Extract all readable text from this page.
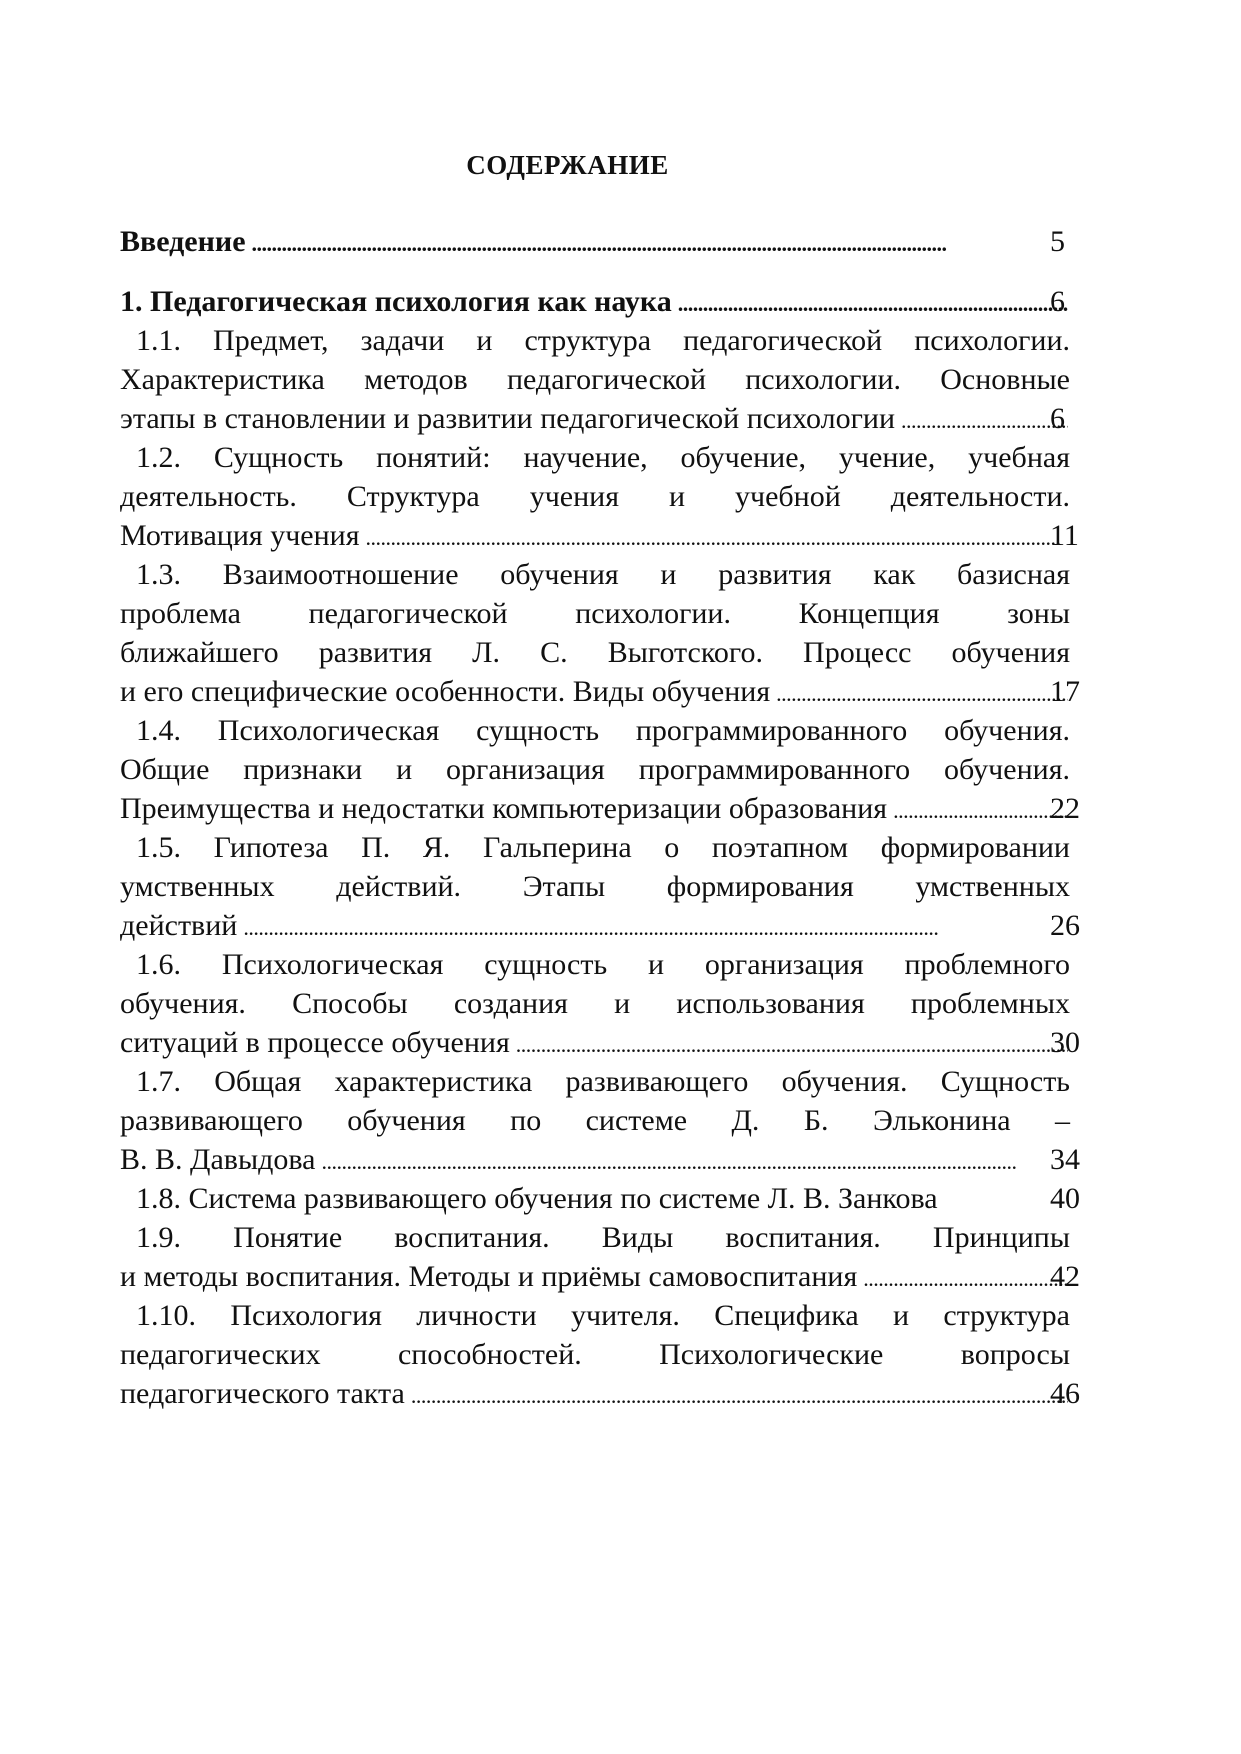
СОДЕРЖАНИЕ
Введение . . .	5
1. Педагогическая психология как наука . . .	6
1.1. Предмет, задачи и структура педагогической психологии.
Характеристика методов педагогической психологии. Основные
этапы в становлении и развитии педагогической психологии . . .	6
1.2. Сущность понятий: научение, обучение, учение, учебная
деятельность. Структура учения и учебной деятельности.
Мотивация учения . . .	11
1.3. Взаимоотношение обучения и развития как базисная
проблема педагогической психологии. Концепция зоны
ближайшего развития Л. С. Выготского. Процесс обучения
и его специфические особенности. Виды обучения . . .	17
1.4. Психологическая сущность программированного обучения.
Общие признаки и организация программированного обучения.
Преимущества и недостатки компьютеризации образования . . .	22
1.5. Гипотеза П. Я. Гальперина о поэтапном формировании
умственных действий. Этапы формирования умственных
действий . . .	26
1.6. Психологическая сущность и организация проблемного
обучения. Способы создания и использования проблемных
ситуаций в процессе обучения . . .	30
1.7. Общая характеристика развивающего обучения. Сущность
развивающего обучения по системе Д. Б. Эльконина –
В. В. Давыдова . . .	34
1.8. Система развивающего обучения по системе Л. В. Занкова	40
1.9. Понятие воспитания. Виды воспитания. Принципы
и методы воспитания. Методы и приёмы самовоспитания . . .	42
1.10. Психология личности учителя. Специфика и структура
педагогических способностей. Психологические вопросы
педагогического такта . . .	46
